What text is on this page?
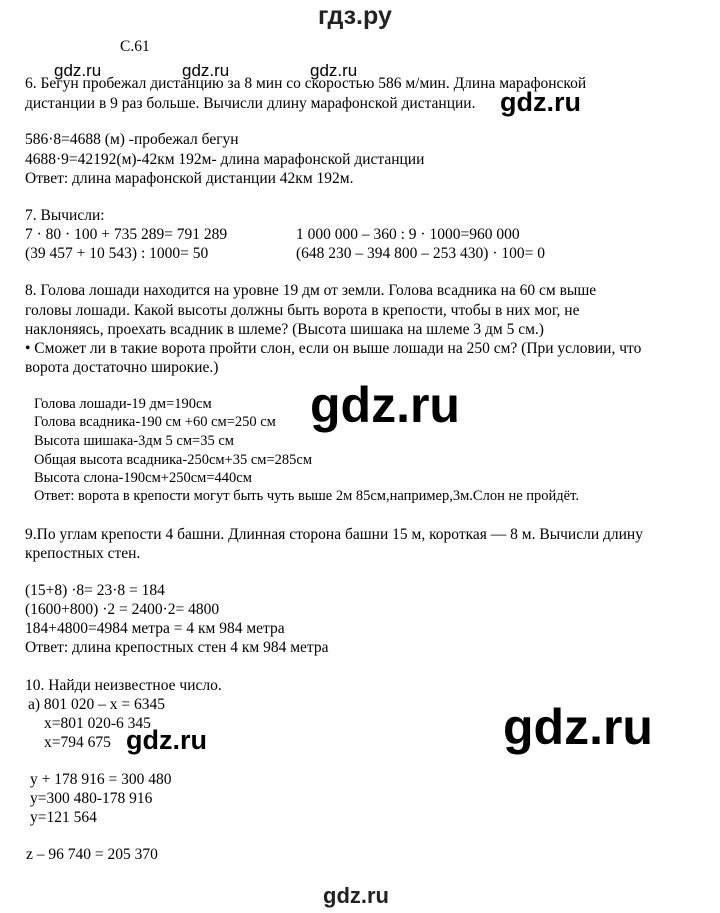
гдз.ру
С.61
6. Бегун пробежал дистанцию за 8 мин со скоростью 586 м/мин. Длина марафонской
дистанции в 9 раз больше. Вычисли длину марафонской дистанции.
586·8=4688 (м) -пробежал бегун
4688·9=42192(м)-42км 192м- длина марафонской дистанции
Ответ: длина марафонской дистанции 42км 192м.
7. Вычисли:
7 · 80 · 100 + 735 289= 791 289
(39 457 + 10 543) : 1000= 50
1 000 000 – 360 : 9 · 1000=960 000
(648 230 – 394 800 – 253 430) · 100= 0
8. Голова лошади находится на уровне 19 дм от земли. Голова всадника на 60 см выше
головы лошади. Какой высоты должны быть ворота в крепости, чтобы в них мог, не
наклоняясь, проехать всадник в шлеме? (Высота шишака на шлеме 3 дм 5 см.)
• Сможет ли в такие ворота пройти слон, если он выше лошади на 250 см? (При условии, что
ворота достаточно широкие.)
Голова лошади-19 дм=190см
Голова всадника-190 см +60 см=250 см
Высота шишака-3дм 5 см=35 см
Общая высота всадника-250см+35 см=285см
Высота слона-190см+250см=440см
Ответ: ворота в крепости могут быть чуть выше 2м 85см,например,3м.Слон не пройдёт.
9.По углам крепости 4 башни. Длинная сторона башни 15 м, короткая — 8 м. Вычисли длину
крепостных стен.
(15+8) ·8= 23·8 = 184
(1600+800) ·2 = 2400·2= 4800
184+4800=4984 метра = 4 км 984 метра
Ответ: длина крепостных стен 4 км 984 метра
10. Найди неизвестное число.
а) 801 020 – х = 6345
х=801 020-6 345
х=794 675
y + 178 916 = 300 480
y=300 480-178 916
y=121 564
z – 96 740 = 205 370
gdz.ru	gdz.ru	gdz.ru
gdz.ru
gdz.ru
gdz.ru
gdz.ru
gdz.ru
